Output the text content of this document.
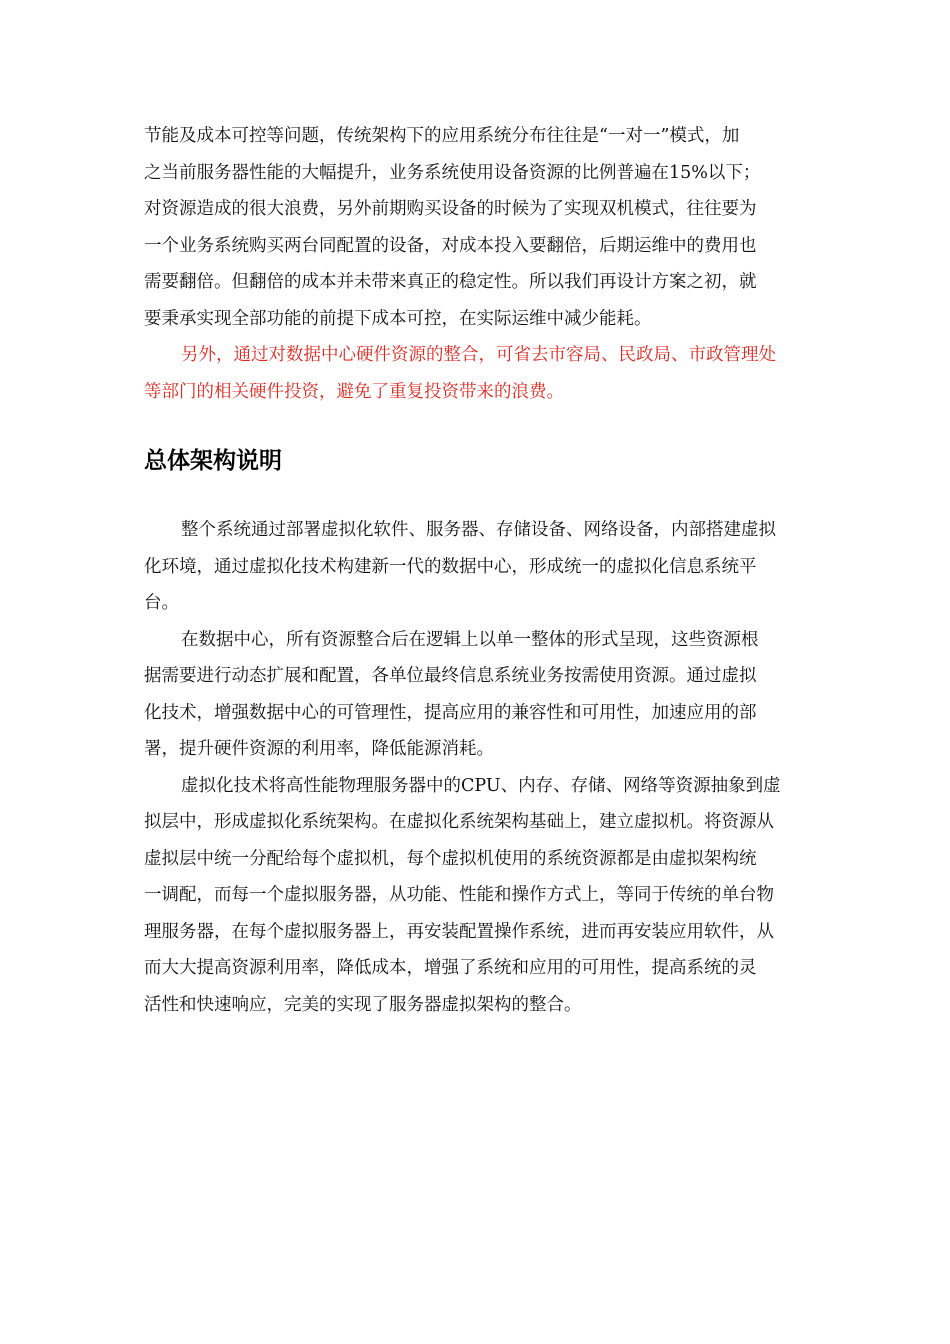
节能及成本可控等问题，传统架构下的应用系统分布往往是“一对一”模式，加
之当前服务器性能的大幅提升，业务系统使用设备资源的比例普遍在15%以下；
对资源造成的很大浪费，另外前期购买设备的时候为了实现双机模式，往往要为
一个业务系统购买两台同配置的设备，对成本投入要翻倍，后期运维中的费用也
需要翻倍。但翻倍的成本并未带来真正的稳定性。所以我们再设计方案之初，就
要秉承实现全部功能的前提下成本可控，在实际运维中减少能耗。
另外，通过对数据中心硬件资源的整合，可省去市容局、民政局、市政管理处
等部门的相关硬件投资，避免了重复投资带来的浪费。
总体架构说明
整个系统通过部署虚拟化软件、服务器、存储设备、网络设备，内部搭建虚拟
化环境，通过虚拟化技术构建新一代的数据中心，形成统一的虚拟化信息系统平
台。
在数据中心，所有资源整合后在逻辑上以单一整体的形式呈现，这些资源根
据需要进行动态扩展和配置，各单位最终信息系统业务按需使用资源。通过虚拟
化技术，增强数据中心的可管理性，提高应用的兼容性和可用性，加速应用的部
署，提升硬件资源的利用率，降低能源消耗。
虚拟化技术将高性能物理服务器中的CPU、内存、存储、网络等资源抽象到虚
拟层中，形成虚拟化系统架构。在虚拟化系统架构基础上，建立虚拟机。将资源从
虚拟层中统一分配给每个虚拟机，每个虚拟机使用的系统资源都是由虚拟架构统
一调配，而每一个虚拟服务器，从功能、性能和操作方式上，等同于传统的单台物
理服务器，在每个虚拟服务器上，再安装配置操作系统，进而再安装应用软件，从
而大大提高资源利用率，降低成本，增强了系统和应用的可用性，提高系统的灵
活性和快速响应，完美的实现了服务器虚拟架构的整合。
